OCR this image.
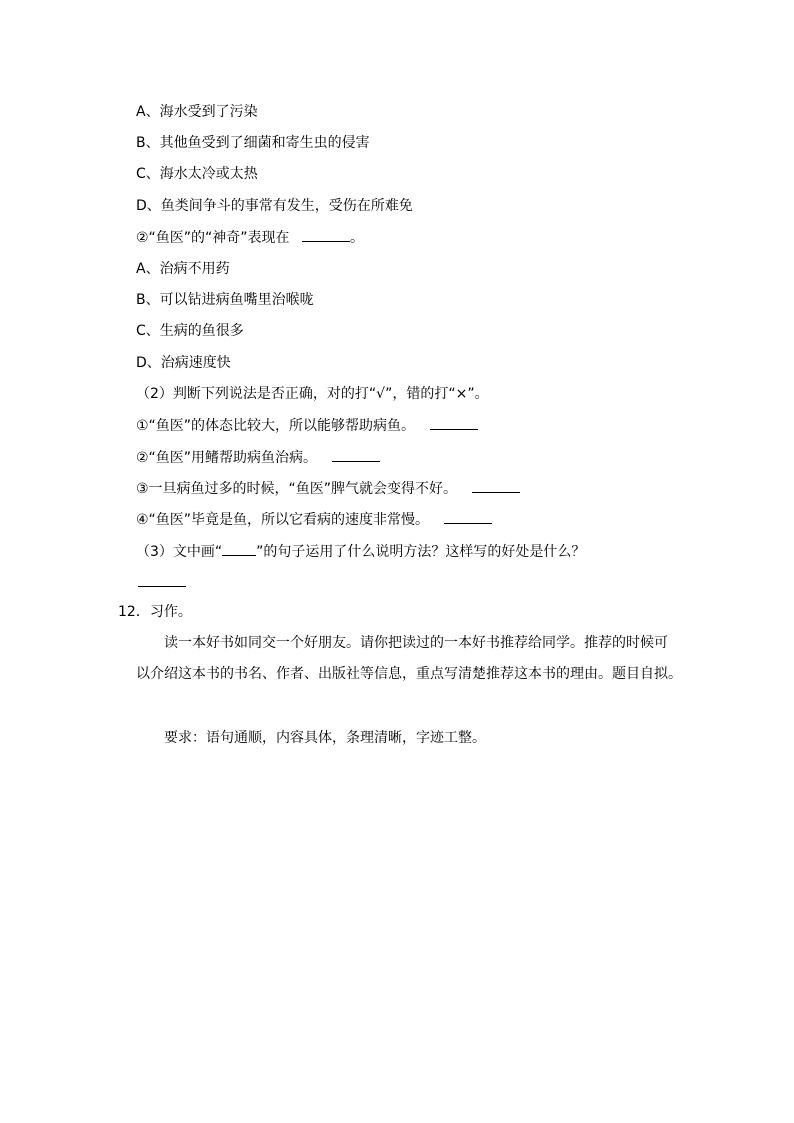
A、海水受到了污染
B、其他鱼受到了细菌和寄生虫的侵害
C、海水太冷或太热
D、鱼类间争斗的事常有发生，受伤在所难免
②“鱼医”的“神奇”表现在	。
A、治病不用药
B、可以钻进病鱼嘴里治喉咙
C、生病的鱼很多
D、治病速度快
（2）判断下列说法是否正确，对的打“√”，错的打“×”。
①“鱼医”的体态比较大，所以能够帮助病鱼。
②“鱼医”用鳍帮助病鱼治病。
③一旦病鱼过多的时候，“鱼医”脾气就会变得不好。
④“鱼医”毕竟是鱼，所以它看病的速度非常慢。
（3）文中画“ ”的句子运用了什么说明方法？这样写的好处是什么？
12．习作。
读一本好书如同交一个好朋友。请你把读过的一本好书推荐给同学。推荐的时候可
以介绍这本书的书名、作者、出版社等信息，重点写清楚推荐这本书的理由。题目自拟。
要求：语句通顺，内容具体，条理清晰，字迹工整。
